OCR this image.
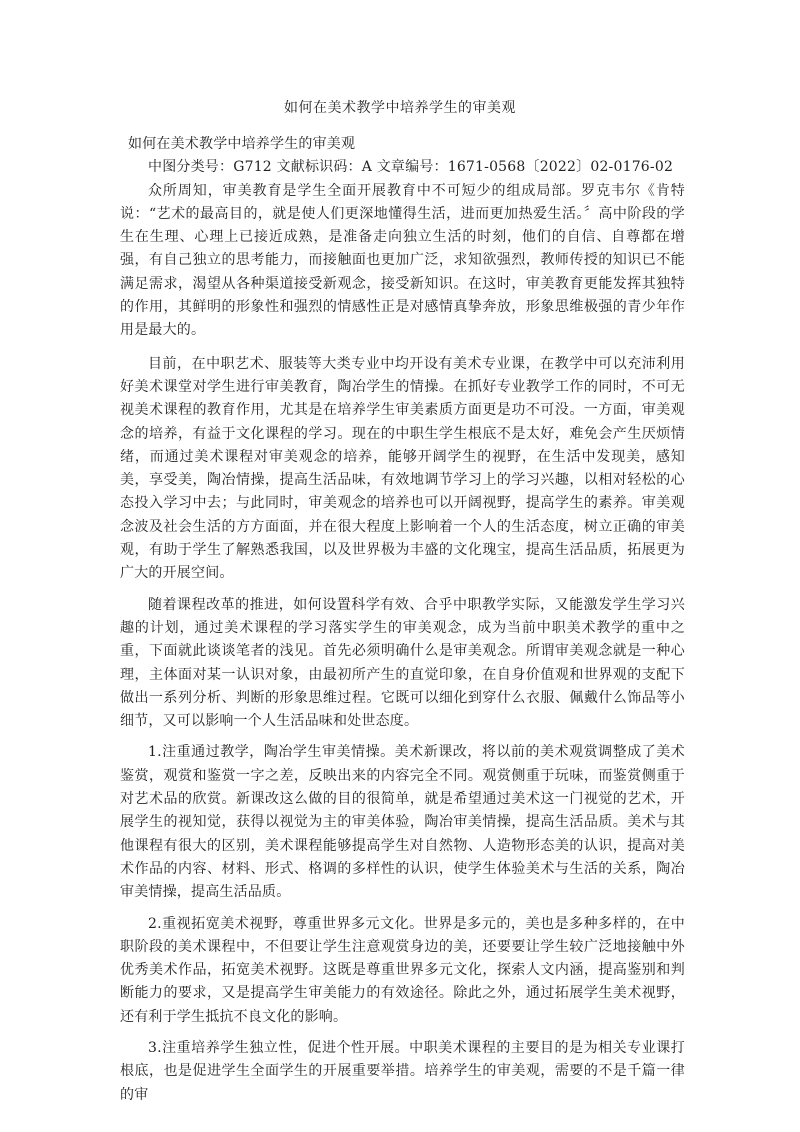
如何在美术教学中培养学生的审美观

如何在美术教学中培养学生的审美观

中图分类号：G712 文献标识码：A 文章编号：1671-0568〔2022〕02-0176-02

众所周知，审美教育是学生全面开展教育中不可短少的组成局部。罗克韦尔《肯特说：“艺术的最高目的，就是使人们更深地懂得生活，进而更加热爱生活。〞高中阶段的学生在生理、心理上已接近成熟，是准备走向独立生活的时刻，他们的自信、自尊都在增强，有自己独立的思考能力，而接触面也更加广泛，求知欲强烈，教师传授的知识已不能满足需求，渴望从各种渠道接受新观念，接受新知识。在这时，审美教育更能发挥其独特的作用，其鲜明的形象性和强烈的情感性正是对感情真挚奔放，形象思维极强的青少年作用是最大的。

目前，在中职艺术、服装等大类专业中均开设有美术专业课，在教学中可以充沛利用好美术课堂对学生进行审美教育，陶冶学生的情操。在抓好专业教学工作的同时，不可无视美术课程的教育作用，尤其是在培养学生审美素质方面更是功不可没。一方面，审美观念的培养，有益于文化课程的学习。现在的中职生学生根底不是太好，难免会产生厌烦情绪，而通过美术课程对审美观念的培养，能够开阔学生的视野，在生活中发现美，感知美，享受美，陶冶情操，提高生活品味，有效地调节学习上的学习兴趣，以相对轻松的心态投入学习中去；与此同时，审美观念的培养也可以开阔视野，提高学生的素养。审美观念波及社会生活的方方面面，并在很大程度上影响着一个人的生活态度，树立正确的审美观，有助于学生了解熟悉我国，以及世界极为丰盛的文化瑰宝，提高生活品质，拓展更为广大的开展空间。

随着课程改革的推进，如何设置科学有效、合乎中职教学实际，又能激发学生学习兴趣的计划，通过美术课程的学习落实学生的审美观念，成为当前中职美术教学的重中之重，下面就此谈谈笔者的浅见。首先必须明确什么是审美观念。所谓审美观念就是一种心理，主体面对某一认识对象，由最初所产生的直觉印象，在自身价值观和世界观的支配下做出一系列分析、判断的形象思维过程。它既可以细化到穿什么衣服、佩戴什么饰品等小细节，又可以影响一个人生活品味和处世态度。

1.注重通过教学，陶冶学生审美情操。美术新课改，将以前的美术观赏调整成了美术鉴赏，观赏和鉴赏一字之差，反映出来的内容完全不同。观赏侧重于玩味，而鉴赏侧重于对艺术品的欣赏。新课改这么做的目的很简单，就是希望通过美术这一门视觉的艺术，开展学生的视知觉，获得以视觉为主的审美体验，陶冶审美情操，提高生活品质。美术与其他课程有很大的区别，美术课程能够提高学生对自然物、人造物形态美的认识，提高对美术作品的内容、材料、形式、格调的多样性的认识，使学生体验美术与生活的关系，陶冶审美情操，提高生活品质。

2.重视拓宽美术视野，尊重世界多元文化。世界是多元的，美也是多种多样的，在中职阶段的美术课程中，不但要让学生注意观赏身边的美，还要要让学生较广泛地接触中外优秀美术作品，拓宽美术视野。这既是尊重世界多元文化，探索人文内涵，提高鉴别和判断能力的要求，又是提高学生审美能力的有效途径。除此之外，通过拓展学生美术视野，还有利于学生抵抗不良文化的影响。

3.注重培养学生独立性，促进个性开展。中职美术课程的主要目的是为相关专业课打根底，也是促进学生全面学生的开展重要举措。培养学生的审美观，需要的不是千篇一律的审
